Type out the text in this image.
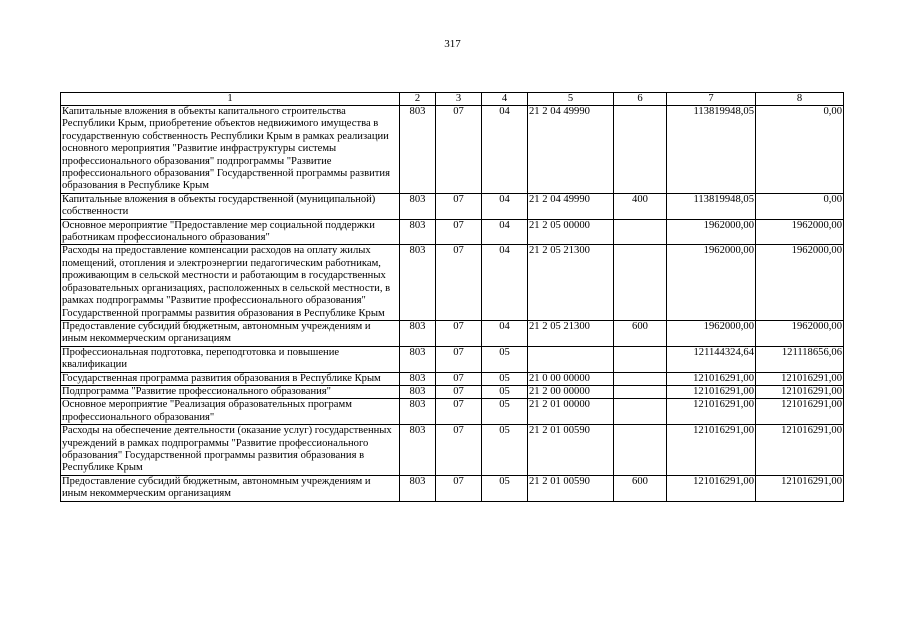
317
1	2	3	4	5	6	7	8
Капитальные вложения в объекты капитального строительства Республики Крым, приобретение объектов недвижимого имущества в государственную собственность Республики Крым в рамках реализации основного мероприятия "Развитие инфраструктуры системы профессионального образования" подпрограммы "Развитие профессионального образования" Государственной программы развития образования в Республике Крым	803	07	04	21 2 04 49990		113819948,05	0,00
Капитальные вложения в объекты государственной (муниципальной) собственности	803	07	04	21 2 04 49990	400	113819948,05	0,00
Основное мероприятие "Предоставление мер социальной поддержки работникам профессионального образования"	803	07	04	21 2 05 00000		1962000,00	1962000,00
Расходы на предоставление компенсации расходов на оплату жилых помещений, отопления и электроэнергии педагогическим работникам, проживающим в сельской местности и работающим в государственных образовательных организациях, расположенных в сельской местности, в рамках подпрограммы "Развитие профессионального образования" Государственной программы развития образования в Республике Крым	803	07	04	21 2 05 21300		1962000,00	1962000,00
Предоставление субсидий бюджетным, автономным учреждениям и иным некоммерческим организациям	803	07	04	21 2 05 21300	600	1962000,00	1962000,00
Профессиональная подготовка, переподготовка и повышение квалификации	803	07	05			121144324,64	121118656,06
Государственная программа развития образования в Республике Крым	803	07	05	21 0 00 00000		121016291,00	121016291,00
Подпрограмма "Развитие профессионального образования"	803	07	05	21 2 00 00000		121016291,00	121016291,00
Основное мероприятие "Реализация образовательных программ профессионального образования"	803	07	05	21 2 01 00000		121016291,00	121016291,00
Расходы на обеспечение деятельности (оказание услуг) государственных учреждений в рамках подпрограммы "Развитие профессионального образования" Государственной программы развития образования в Республике Крым	803	07	05	21 2 01 00590		121016291,00	121016291,00
Предоставление субсидий бюджетным, автономным учреждениям и иным некоммерческим организациям	803	07	05	21 2 01 00590	600	121016291,00	121016291,00
